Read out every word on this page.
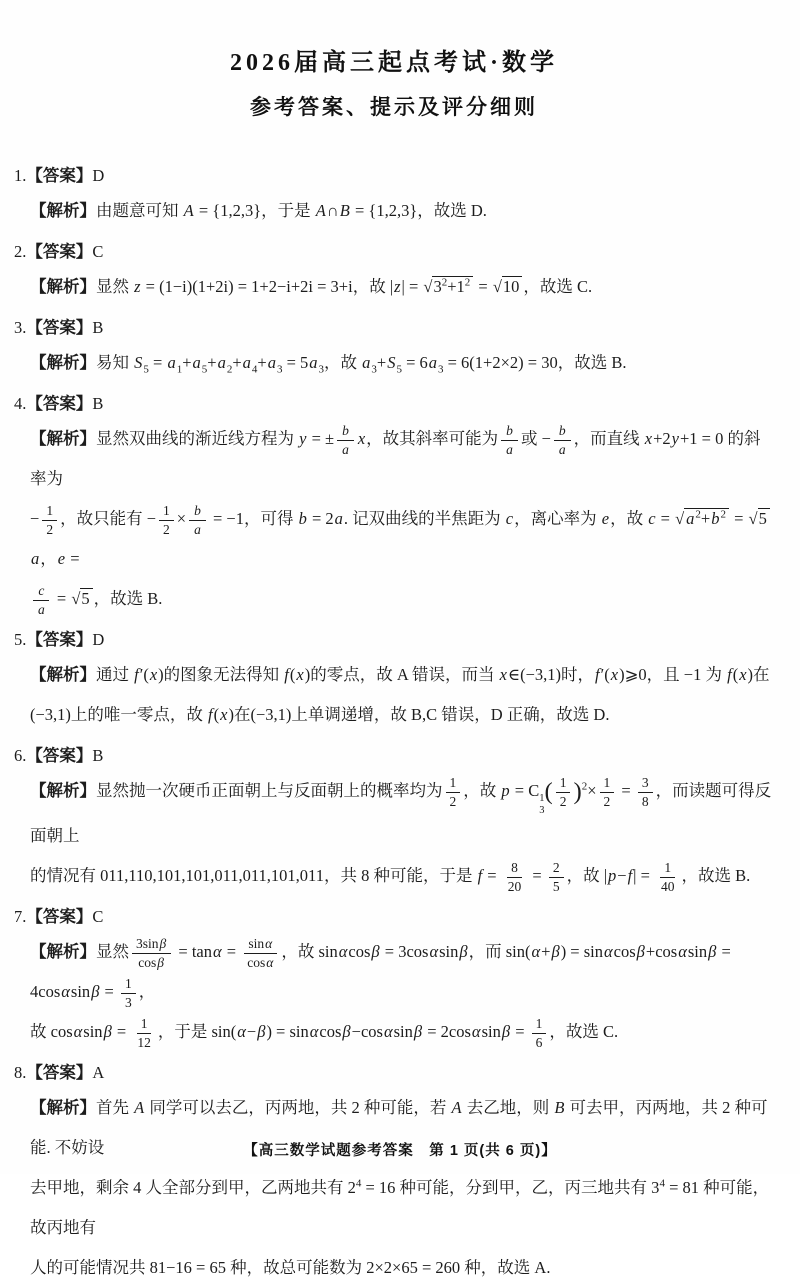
2026届高三起点考试·数学
参考答案、提示及评分细则
1.【答案】D
【解析】由题意可知 A = {1,2,3}，于是 A∩B = {1,2,3}，故选 D.
2.【答案】C
【解析】显然 z = (1−i)(1+2i) = 1+2−i+2i = 3+i，故 $|z| = √3^2+1^2 = √10$ ，故选 C.
3.【答案】B
【解析】易知 $S_5 = a_1+a_5+a_2+a_4+a_3 = 5a_3$，故 $a_3+S_5 = 6a_3 = 6(1+2\times 2) = 30$，故选 B.
4.【答案】B
【解析】显然双曲线的渐近线方程为 y = ± $\frac{b}{a}$ x，故其斜率可能为 $\frac{b}{a}$ 或 − $\frac{b}{a}$ ，而直线 x+2y+1 = 0 的斜率为
− $\frac{1}{2}$ ，故只能有 − $\frac{1}{2} \times \frac{b}{a} = -1$，可得 b = 2a. 记双曲线的半焦距为 c，离心率为 e，故 c = √ $a^2+b^2 = √5a$，e =
$\frac{c}{a} = √5$ ，故选 B.
5.【答案】D
【解析】通过 f′(x)的图象无法得知 f(x)的零点，故 A 错误，而当 x∈(−3,1)时，f′(x)⩾0，且 −1 为 f(x)在
(−3,1)上的唯一零点，故 f(x)在(−3,1)上单调递增，故 B,C 错误，D 正确，故选 D.
6.【答案】B
【解析】显然抛一次硬币正面朝上与反面朝上的概率均为 $\frac{1}{2}$ ，故 p = C 1
3
( $\frac{1}{2} )^2\times \frac{1}{2} = \frac{3}{8}$ ，而读题可得反面朝上
的情况有 011,110,101,101,011,011,101,011，共 8 种可能，于是 $f = \frac{8}{20} = \frac{2}{5}$ ，故 $|p-f| = \frac{1}{40}$ ，故选 B.
7.【答案】C
【解析】显然 $\frac{3\sin\beta}{\cos\beta} = \tan\alpha = \frac{\sin\alpha}{\cos\alpha}$ ，故 sinαcosβ = 3cosαsinβ，而 $\sin(\alpha+\beta) = \sin\alpha\cos\beta+\cos\alpha\sin\beta = 4\cos\alpha\sin\beta = \frac{1}{3}$ ，
故 $\cos\alpha\sin\beta = \frac{1}{12}$ ，于是 $\sin(\alpha-\beta) = \sin\alpha\cos\beta-\cos\alpha\sin\beta = 2\cos\alpha\sin\beta = \frac{1}{6}$ ，故选 C.
8.【答案】A
【解析】首先 A 同学可以去乙，丙两地，共 2 种可能，若 A 去乙地，则 B 可去甲，丙两地，共 2 种可能. 不妨设
去甲地，剩余 4 人全部分到甲，乙两地共有 $2^4 = 16$ 种可能，分到甲，乙，丙三地共有 $3^4 = 81$ 种可能，故丙地有
人的可能情况共 81−16 = 65 种，故总可能数为 2×2×65 = 260 种，故选 A.
【高三数学试题参考答案　第 1 页(共 6 页)】
